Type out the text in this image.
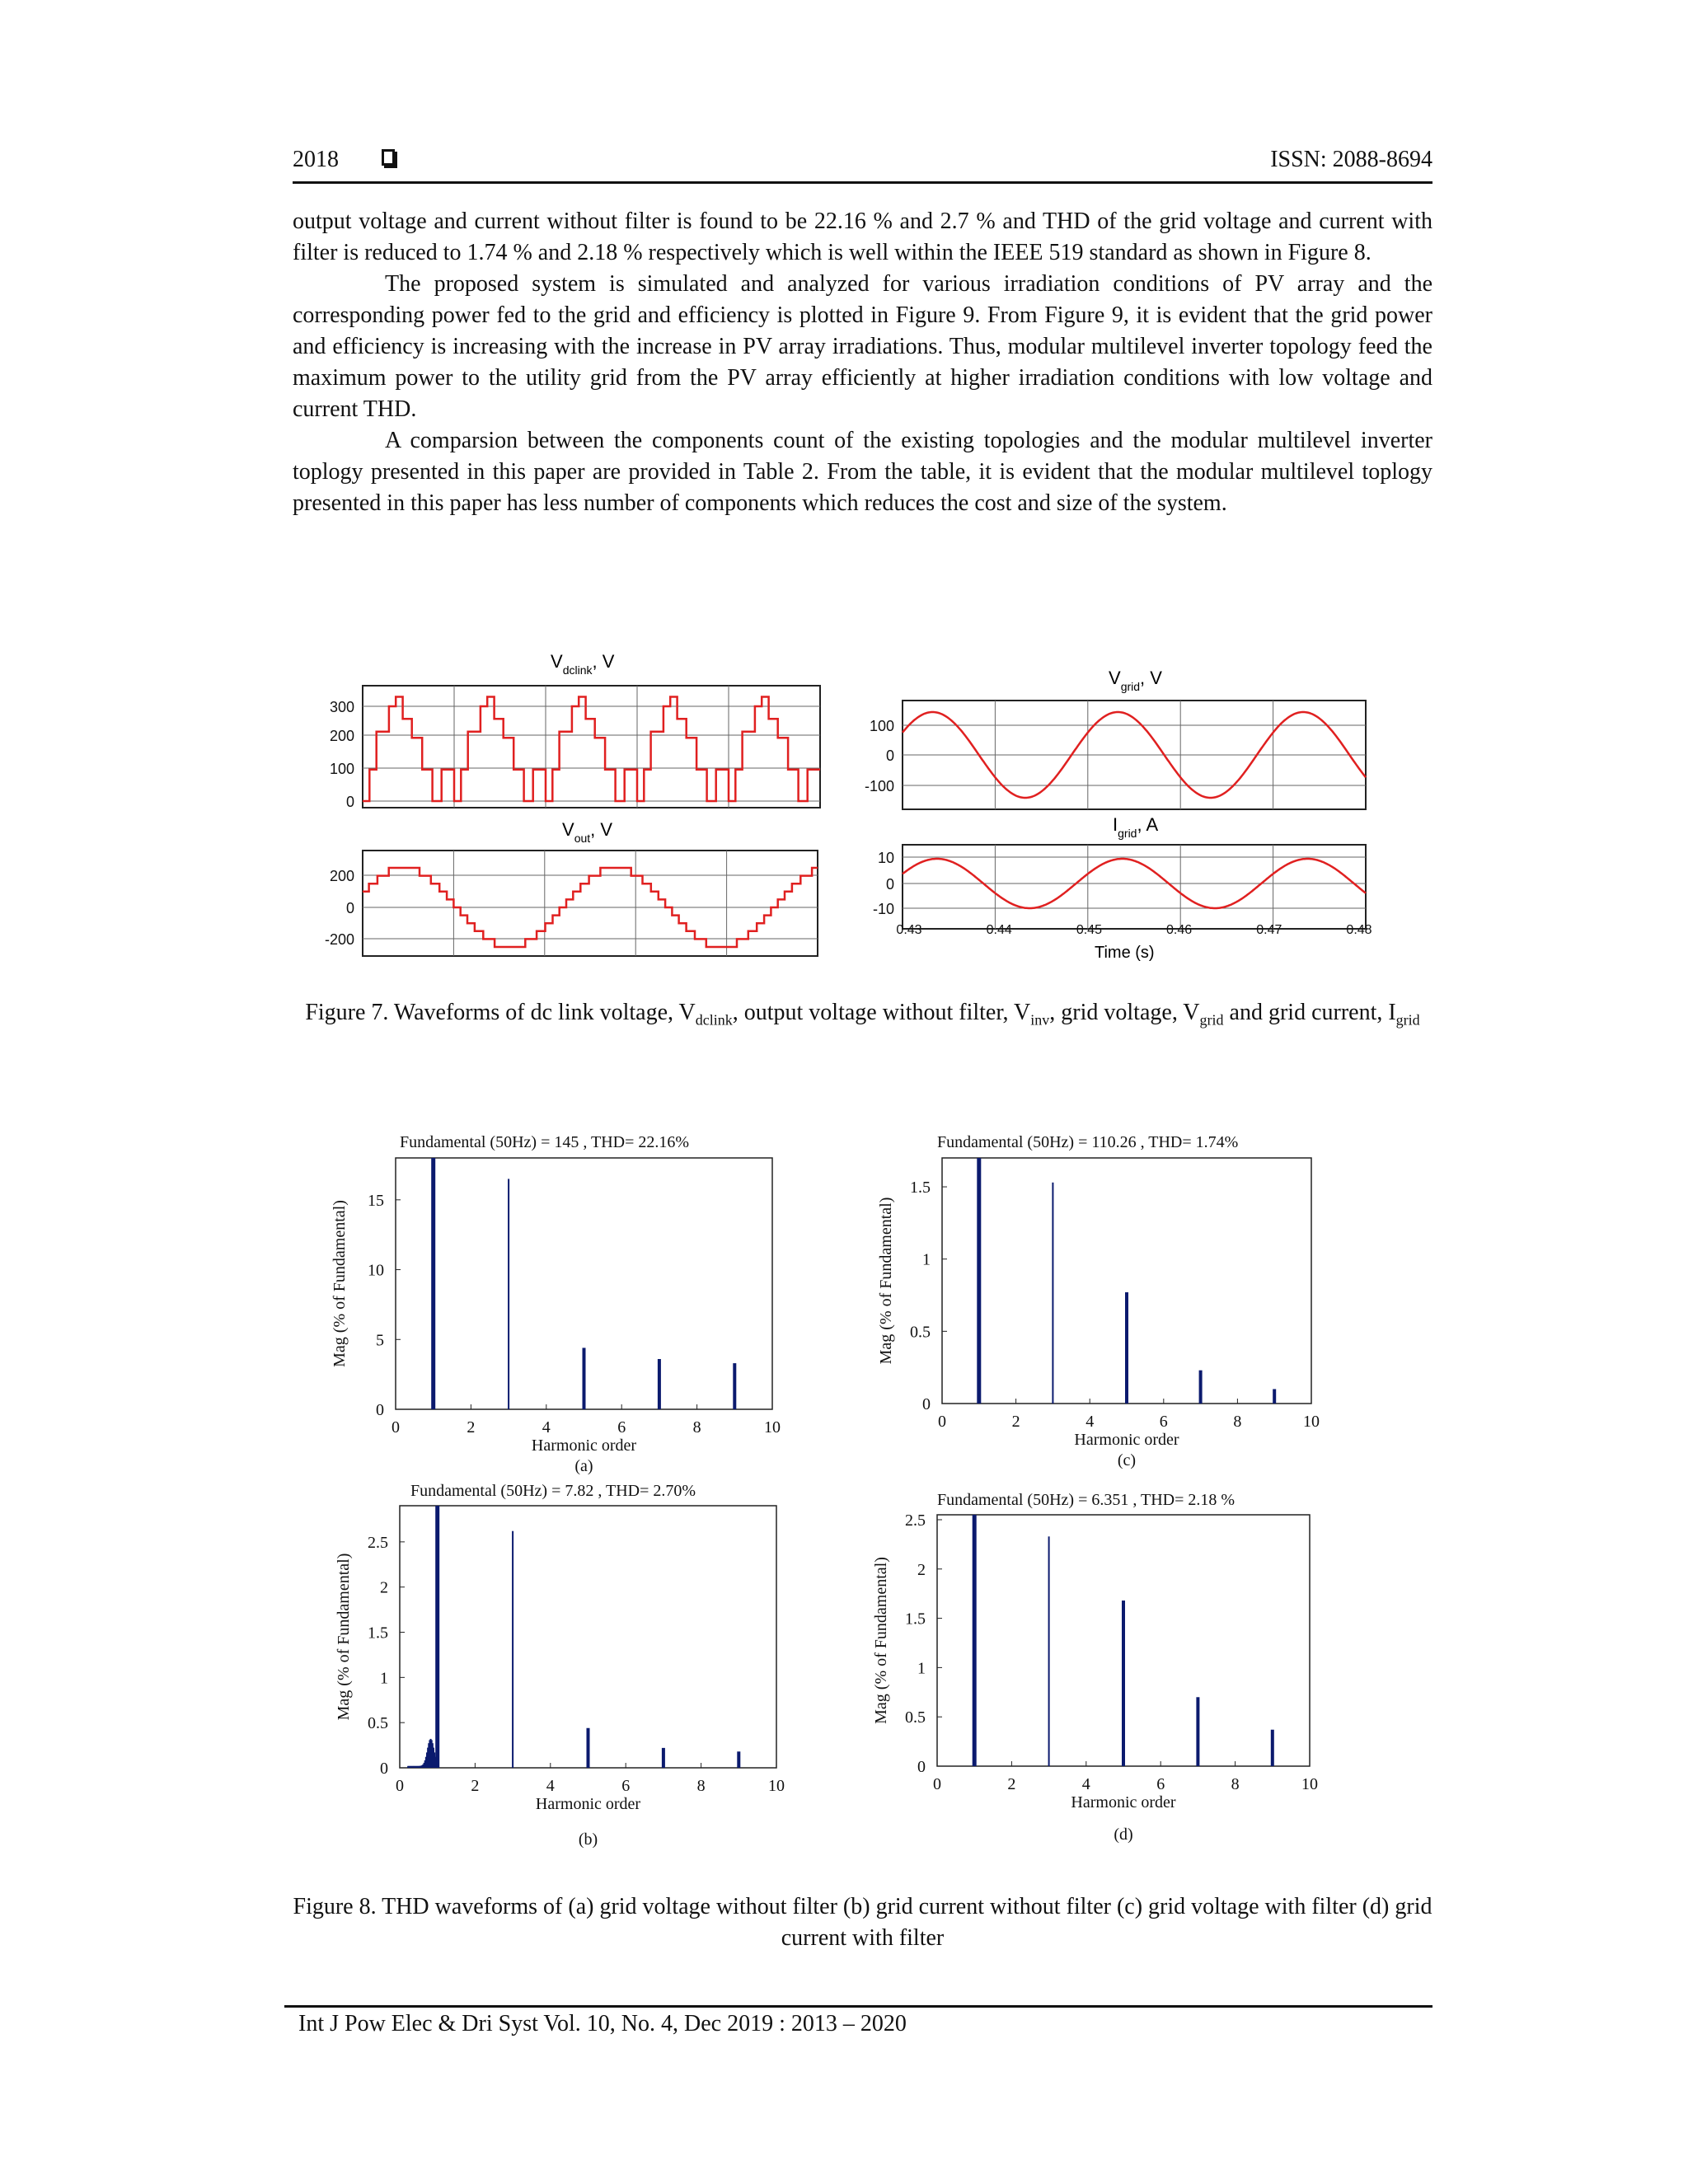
2018	ISSN: 2088-8694

output voltage and current without filter is found to be 22.16 % and 2.7 % and THD of the grid voltage and current with filter is reduced to 1.74 % and 2.18 % respectively which is well within the IEEE 519 standard as shown in Figure 8.

The proposed system is simulated and analyzed for various irradiation conditions of PV array and the corresponding power fed to the grid and efficiency is plotted in Figure 9. From Figure 9, it is evident that the grid power and efficiency is increasing with the increase in PV array irradiations. Thus, modular multilevel inverter topology feed the maximum power to the utility grid from the PV array efficiently at higher irradiation conditions with low voltage and current THD.

A comparsion between the components count of the existing topologies and the modular multilevel inverter toplogy presented in this paper are provided in Table 2. From the table, it is evident that the modular multilevel toplogy presented in this paper has less number of components which reduces the cost and size of the system.

$V_{dclink}$, V
300
200
100
0
$V_{out}$, V
200
0
-200
$V_{grid}$, V
100
0
-100
$I_{grid}$, A
10
0
-10
0.43	0.44	0.45	0.46	0.47	0.48
Time (s)
Figure 7. Waveforms of dc link voltage, $V_{dclink}$, output voltage without filter, $V_{inv}$, grid voltage, $V_{grid}$ and grid current, $I_{grid}$
Fundamental (50Hz) = 145 , THD= 22.16%
0
5
10
15
0	2	4	6	8	10
Harmonic order
(a)
Mag (% of Fundamental)
Fundamental (50Hz) = 7.82 , THD= 2.70%
0
0.5
1
1.5
2
2.5
0	2	4	6	8	10
Harmonic order
(b)
Mag (% of Fundamental)
Fundamental (50Hz) = 110.26 , THD= 1.74%
0
0.5
1
1.5
0	2	4	6	8	10
Harmonic order
(c)
Mag (% of Fundamental)
Fundamental (50Hz) = 6.351 , THD= 2.18 %
0
0.5
1
1.5
2
2.5
0	2	4	6	8	10
Harmonic order
(d)
Mag (% of Fundamental)
Figure 8. THD waveforms of (a) grid voltage without filter (b) grid current without filter (c) grid voltage with filter (d) grid current with filter
Int J Pow Elec & Dri Syst Vol. 10, No. 4, Dec 2019 : 2013 – 2020
